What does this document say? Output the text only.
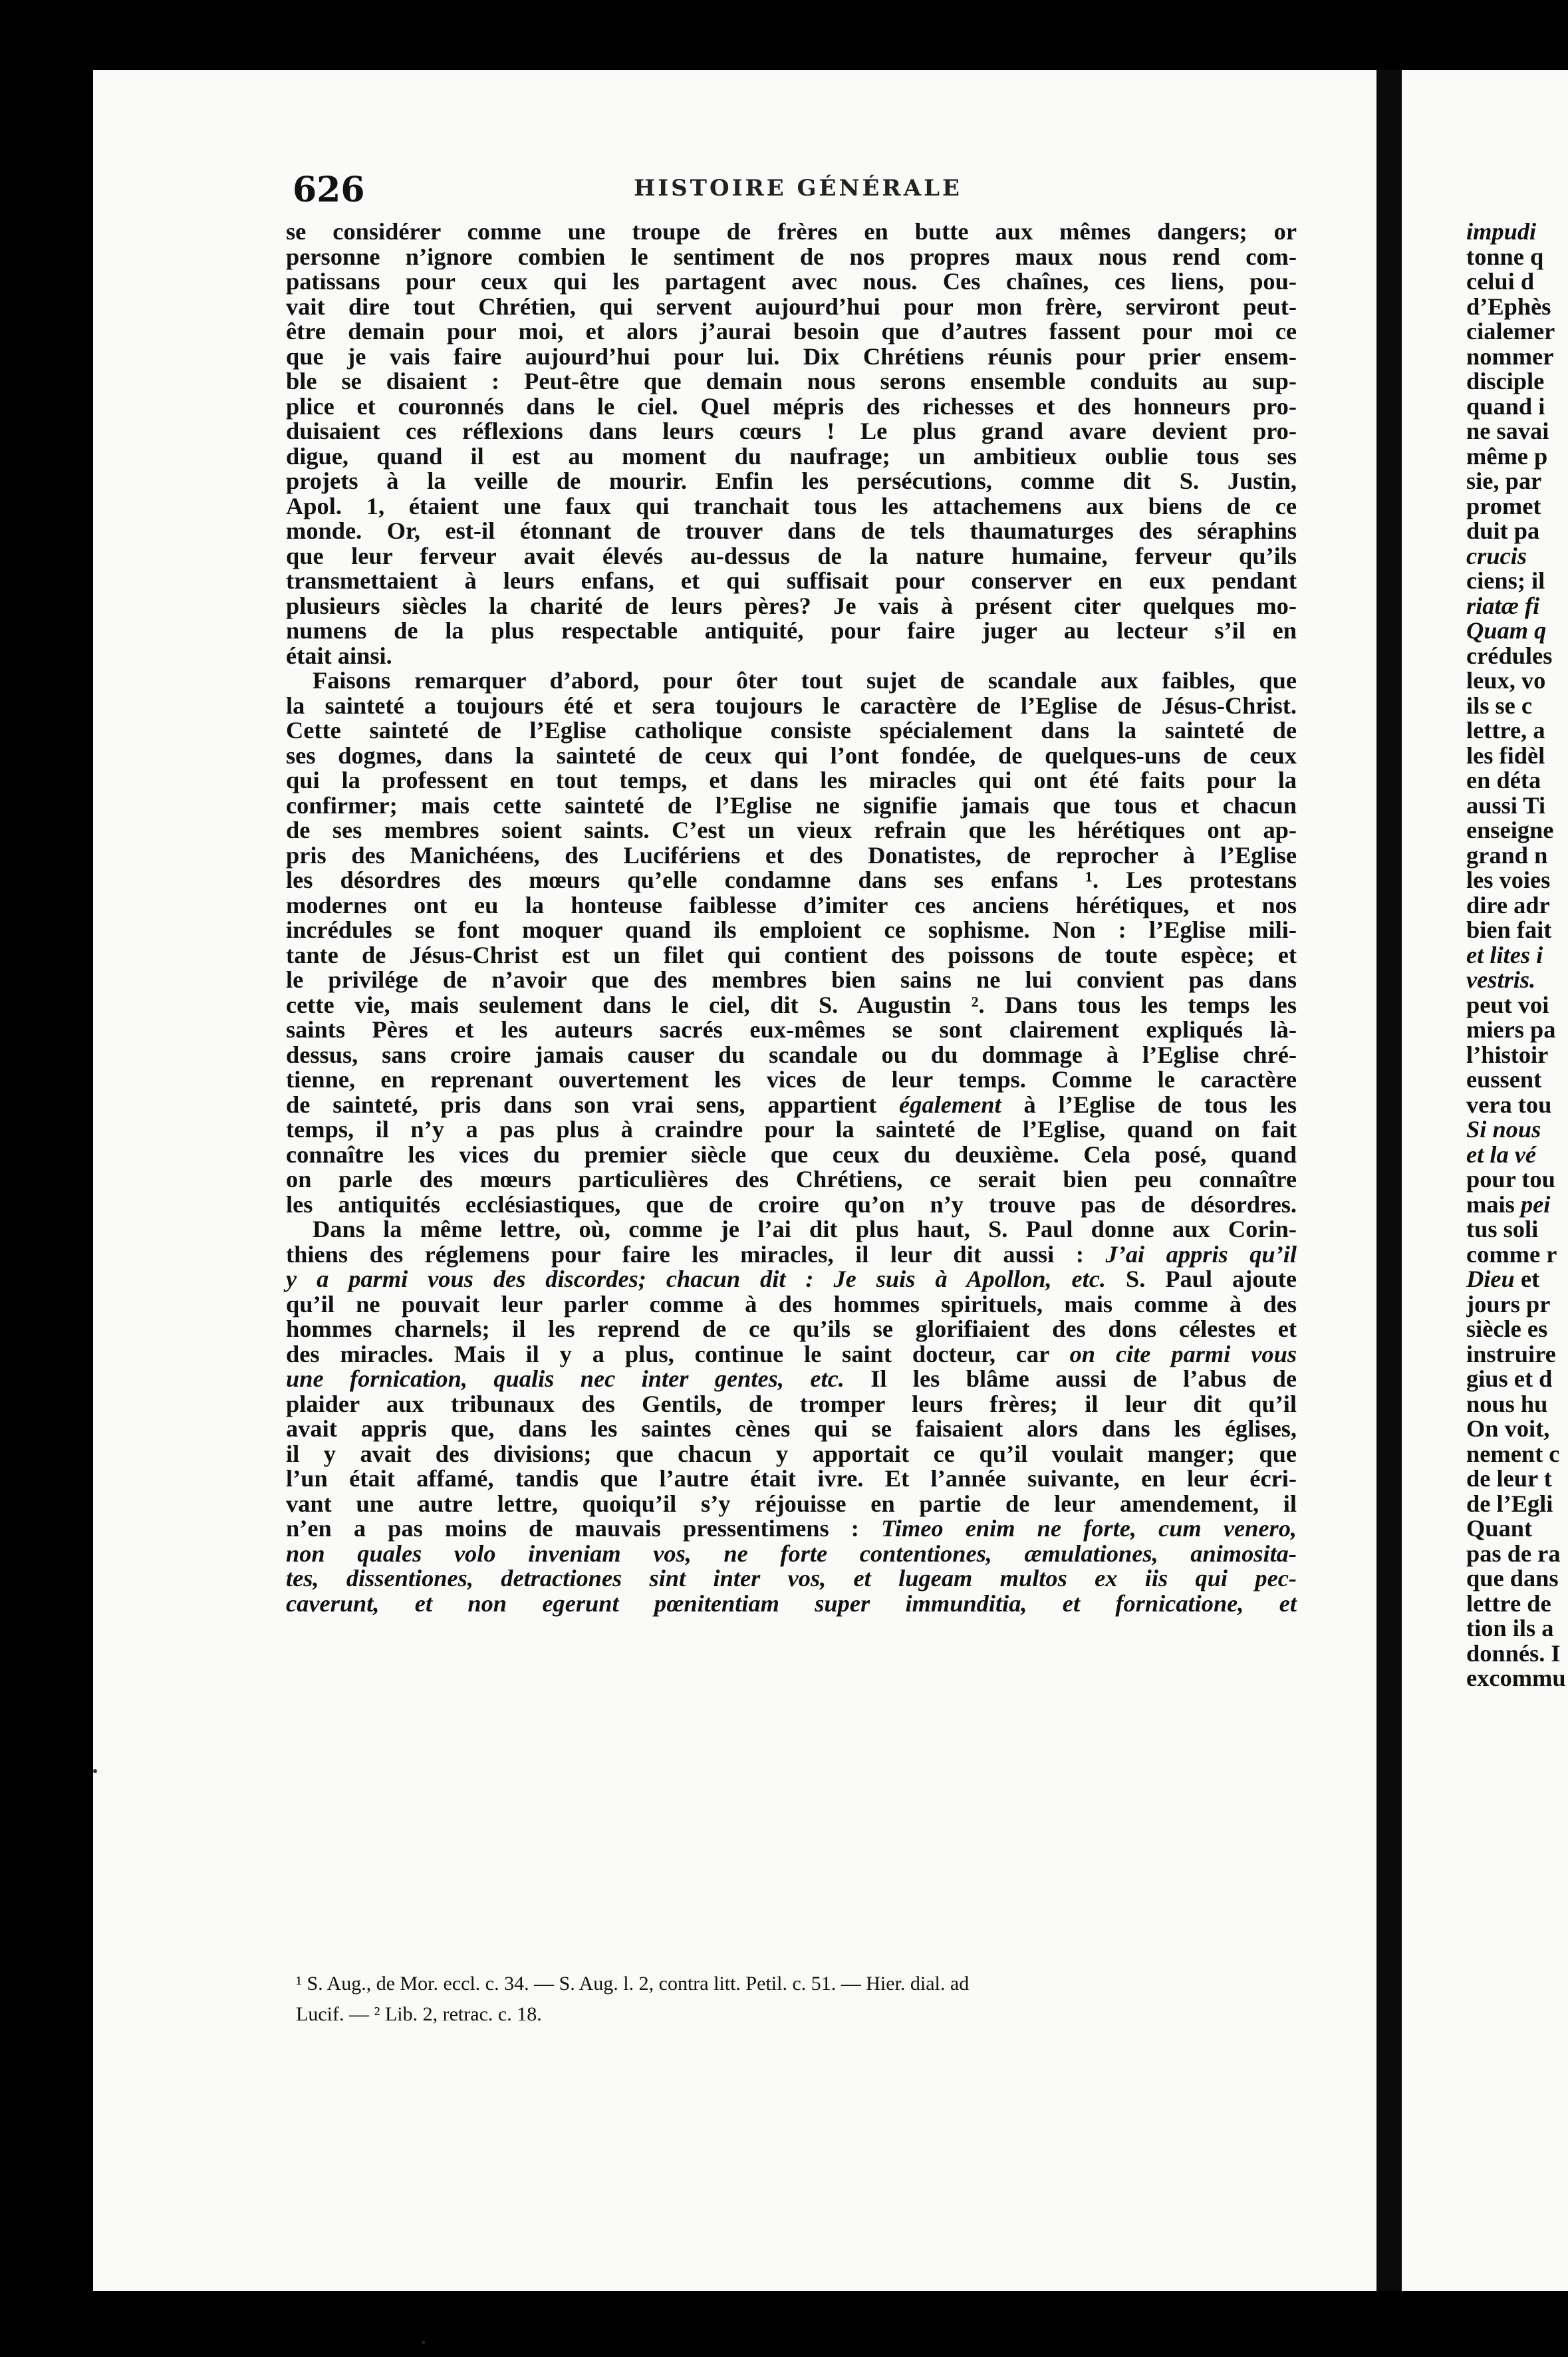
626	HISTOIRE GÉNÉRALE
se considérer comme une troupe de frères en butte aux mêmes dangers; or
personne n’ignore combien le sentiment de nos propres maux nous rend com-
patissans pour ceux qui les partagent avec nous. Ces chaînes, ces liens, pou-
vait dire tout Chrétien, qui servent aujourd’hui pour mon frère, serviront peut-
être demain pour moi, et alors j’aurai besoin que d’autres fassent pour moi ce
que je vais faire aujourd’hui pour lui. Dix Chrétiens réunis pour prier ensem-
ble se disaient : Peut-être que demain nous serons ensemble conduits au sup-
plice et couronnés dans le ciel. Quel mépris des richesses et des honneurs pro-
duisaient ces réflexions dans leurs cœurs ! Le plus grand avare devient pro-
digue, quand il est au moment du naufrage; un ambitieux oublie tous ses
projets à la veille de mourir. Enfin les persécutions, comme dit S. Justin,
Apol. 1, étaient une faux qui tranchait tous les attachemens aux biens de ce
monde. Or, est-il étonnant de trouver dans de tels thaumaturges des séraphins
que leur ferveur avait élevés au-dessus de la nature humaine, ferveur qu’ils
transmettaient à leurs enfans, et qui suffisait pour conserver en eux pendant
plusieurs siècles la charité de leurs pères? Je vais à présent citer quelques mo-
numens de la plus respectable antiquité, pour faire juger au lecteur s’il en
était ainsi.
Faisons remarquer d’abord, pour ôter tout sujet de scandale aux faibles, que
la sainteté a toujours été et sera toujours le caractère de l’Eglise de Jésus-Christ.
Cette sainteté de l’Eglise catholique consiste spécialement dans la sainteté de
ses dogmes, dans la sainteté de ceux qui l’ont fondée, de quelques-uns de ceux
qui la professent en tout temps, et dans les miracles qui ont été faits pour la
confirmer; mais cette sainteté de l’Eglise ne signifie jamais que tous et chacun
de ses membres soient saints. C’est un vieux refrain que les hérétiques ont ap-
pris des Manichéens, des Lucifériens et des Donatistes, de reprocher à l’Eglise
les désordres des mœurs qu’elle condamne dans ses enfans ¹. Les protestans
modernes ont eu la honteuse faiblesse d’imiter ces anciens hérétiques, et nos
incrédules se font moquer quand ils emploient ce sophisme. Non : l’Eglise mili-
tante de Jésus-Christ est un filet qui contient des poissons de toute espèce; et
le privilége de n’avoir que des membres bien sains ne lui convient pas dans
cette vie, mais seulement dans le ciel, dit S. Augustin ². Dans tous les temps les
saints Pères et les auteurs sacrés eux-mêmes se sont clairement expliqués là-
dessus, sans croire jamais causer du scandale ou du dommage à l’Eglise chré-
tienne, en reprenant ouvertement les vices de leur temps. Comme le caractère
de sainteté, pris dans son vrai sens, appartient également à l’Eglise de tous les
temps, il n’y a pas plus à craindre pour la sainteté de l’Eglise, quand on fait
connaître les vices du premier siècle que ceux du deuxième. Cela posé, quand
on parle des mœurs particulières des Chrétiens, ce serait bien peu connaître
les antiquités ecclésiastiques, que de croire qu’on n’y trouve pas de désordres.
Dans la même lettre, où, comme je l’ai dit plus haut, S. Paul donne aux Corin-
thiens des réglemens pour faire les miracles, il leur dit aussi : J’ai appris qu’il
y a parmi vous des discordes; chacun dit : Je suis à Apollon, etc. S. Paul ajoute
qu’il ne pouvait leur parler comme à des hommes spirituels, mais comme à des
hommes charnels; il les reprend de ce qu’ils se glorifiaient des dons célestes et
des miracles. Mais il y a plus, continue le saint docteur, car on cite parmi vous
une fornication, qualis nec inter gentes, etc. Il les blâme aussi de l’abus de
plaider aux tribunaux des Gentils, de tromper leurs frères; il leur dit qu’il
avait appris que, dans les saintes cènes qui se faisaient alors dans les églises,
il y avait des divisions; que chacun y apportait ce qu’il voulait manger; que
l’un était affamé, tandis que l’autre était ivre. Et l’année suivante, en leur écri-
vant une autre lettre, quoiqu’il s’y réjouisse en partie de leur amendement, il
n’en a pas moins de mauvais pressentimens : Timeo enim ne forte, cum venero,
non quales volo inveniam vos, ne forte contentiones, æmulationes, animosita-
tes, dissentiones, detractiones sint inter vos, et lugeam multos ex iis qui pec-
caverunt, et non egerunt pœnitentiam super immunditia, et fornicatione, et
¹ S. Aug., de Mor. eccl. c. 34. — S. Aug. l. 2, contra litt. Petil. c. 51. — Hier. dial. ad
Lucif. — ² Lib. 2, retrac. c. 18.
impudi
tonne q
celui d
d’Ephès
cialemer
nommer
disciple
quand i
ne savai
même p
sie, par
promet
duit pa
crucis
ciens; il
riatæ fi
Quam q
crédules
leux, vo
ils se c
lettre, a
les fidèl
en déta
aussi Ti
enseigne
grand n
les voies
dire adr
bien fait
et lites i
vestris.
peut voi
miers pa
l’histoir
eussent
vera tou
Si nous
et la vé
pour tou
mais pei
tus soli
comme r
Dieu et
jours pr
siècle es
instruire
gius et d
nous hu
On voit,
nement c
de leur t
de l’Egli
Quant
pas de ra
que dans
lettre de
tion ils a
donnés. I
excommu
